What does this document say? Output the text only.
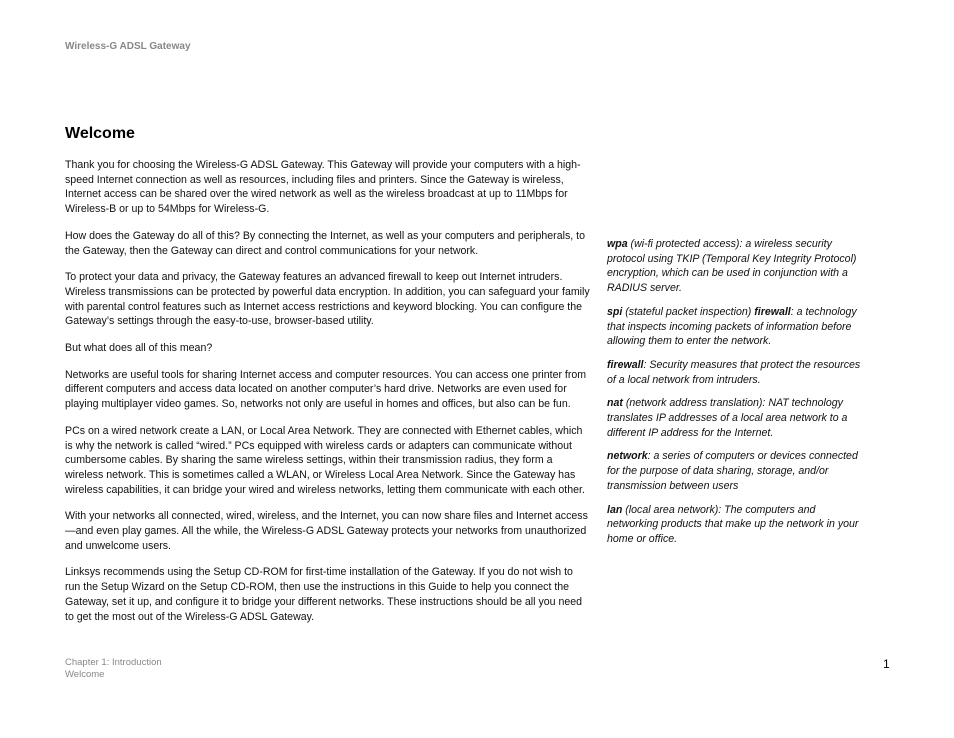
Wireless-G ADSL Gateway
Welcome

Thank you for choosing the Wireless-G ADSL Gateway. This Gateway will provide your computers with a high-speed Internet connection as well as resources, including files and printers. Since the Gateway is wireless, Internet access can be shared over the wired network as well as the wireless broadcast at up to 11Mbps for Wireless-B or up to 54Mbps for Wireless-G.

How does the Gateway do all of this? By connecting the Internet, as well as your computers and peripherals, to the Gateway, then the Gateway can direct and control communications for your network.

To protect your data and privacy, the Gateway features an advanced firewall to keep out Internet intruders. Wireless transmissions can be protected by powerful data encryption. In addition, you can safeguard your family with parental control features such as Internet access restrictions and keyword blocking. You can configure the Gateway’s settings through the easy-to-use, browser-based utility.

But what does all of this mean?

Networks are useful tools for sharing Internet access and computer resources. You can access one printer from different computers and access data located on another computer’s hard drive. Networks are even used for playing multiplayer video games. So, networks not only are useful in homes and offices, but also can be fun.

PCs on a wired network create a LAN, or Local Area Network. They are connected with Ethernet cables, which is why the network is called “wired.” PCs equipped with wireless cards or adapters can communicate without cumbersome cables. By sharing the same wireless settings, within their transmission radius, they form a wireless network. This is sometimes called a WLAN, or Wireless Local Area Network. Since the Gateway has wireless capabilities, it can bridge your wired and wireless networks, letting them communicate with each other.

With your networks all connected, wired, wireless, and the Internet, you can now share files and Internet access—and even play games. All the while, the Wireless-G ADSL Gateway protects your networks from unauthorized and unwelcome users.

Linksys recommends using the Setup CD-ROM for first-time installation of the Gateway. If you do not wish to run the Setup Wizard on the Setup CD-ROM, then use the instructions in this Guide to help you connect the Gateway, set it up, and configure it to bridge your different networks. These instructions should be all you need to get the most out of the Wireless-G ADSL Gateway.

wpa (wi-fi protected access): a wireless security protocol using TKIP (Temporal Key Integrity Protocol) encryption, which can be used in conjunction with a RADIUS server.

spi (stateful packet inspection) firewall: a technology that inspects incoming packets of information before allowing them to enter the network.

firewall: Security measures that protect the resources of a local network from intruders.

nat (network address translation): NAT technology translates IP addresses of a local area network to a different IP address for the Internet.

network: a series of computers or devices connected for the purpose of data sharing, storage, and/or transmission between users

lan (local area network): The computers and networking products that make up the network in your home or office.

Chapter 1: Introduction
Welcome
1
